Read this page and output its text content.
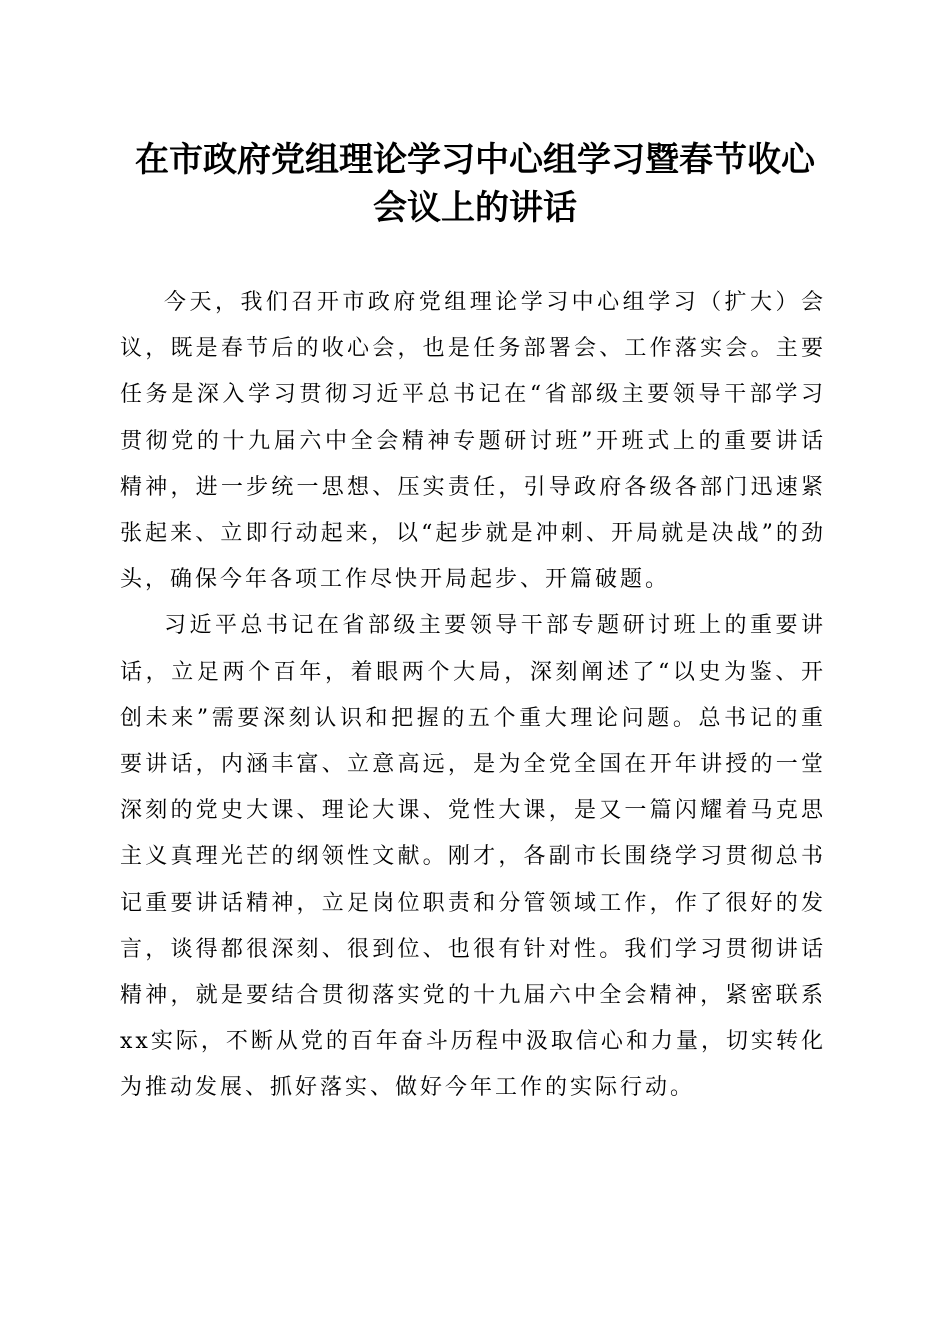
在市政府党组理论学习中心组学习暨春节收心
会议上的讲话

今天，我们召开市政府党组理论学习中心组学习（扩大）会议，既是春节后的收心会，也是任务部署会、工作落实会。主要任务是深入学习贯彻习近平总书记在“省部级主要领导干部学习贯彻党的十九届六中全会精神专题研讨班”开班式上的重要讲话精神，进一步统一思想、压实责任，引导政府各级各部门迅速紧张起来、立即行动起来，以“起步就是冲刺、开局就是决战”的劲头，确保今年各项工作尽快开局起步、开篇破题。

习近平总书记在省部级主要领导干部专题研讨班上的重要讲话，立足两个百年，着眼两个大局，深刻阐述了“以史为鉴、开创未来”需要深刻认识和把握的五个重大理论问题。总书记的重要讲话，内涵丰富、立意高远，是为全党全国在开年讲授的一堂深刻的党史大课、理论大课、党性大课，是又一篇闪耀着马克思主义真理光芒的纲领性文献。刚才，各副市长围绕学习贯彻总书记重要讲话精神，立足岗位职责和分管领域工作，作了很好的发言，谈得都很深刻、很到位、也很有针对性。我们学习贯彻讲话精神，就是要结合贯彻落实党的十九届六中全会精神，紧密联系xx实际，不断从党的百年奋斗历程中汲取信心和力量，切实转化为推动发展、抓好落实、做好今年工作的实际行动。
